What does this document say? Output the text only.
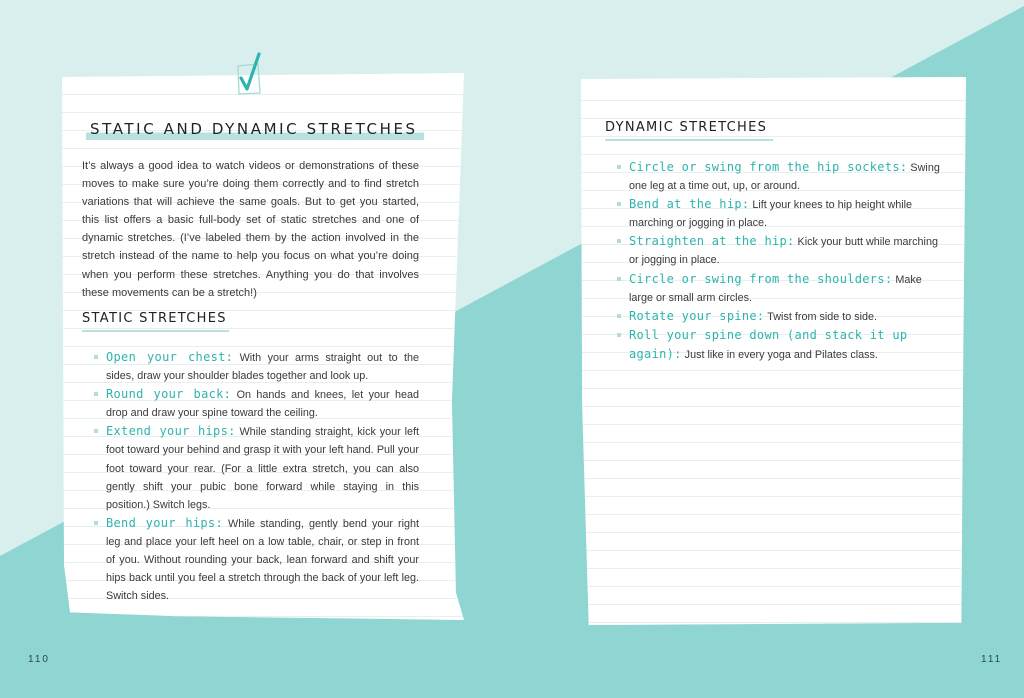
STATIC AND DYNAMIC STRETCHES
It’s always a good idea to watch videos or demonstrations of these moves to make sure you’re doing them correctly and to find stretch variations that will achieve the same goals. But to get you started, this list offers a basic full-body set of static stretches and one of dynamic stretches. (I’ve labeled them by the action involved in the stretch instead of the name to help you focus on what you’re doing when you perform these stretches. Anything you do that involves these movements can be a stretch!)
STATIC STRETCHES
Open your chest: With your arms straight out to the sides, draw your shoulder blades together and look up.
Round your back: On hands and knees, let your head drop and draw your spine toward the ceiling.
Extend your hips: While standing straight, kick your left foot toward your behind and grasp it with your left hand. Pull your foot toward your rear. (For a little extra stretch, you can also gently shift your pubic bone forward while staying in this position.) Switch legs.
Bend your hips: While standing, gently bend your right leg and place your left heel on a low table, chair, or step in front of you. Without rounding your back, lean forward and shift your hips back until you feel a stretch through the back of your left leg. Switch sides.
110
DYNAMIC STRETCHES
Circle or swing from the hip sockets: Swing one leg at a time out, up, or around.
Bend at the hip: Lift your knees to hip height while marching or jogging in place.
Straighten at the hip: Kick your butt while marching or jogging in place.
Circle or swing from the shoulders: Make large or small arm circles.
Rotate your spine: Twist from side to side.
Roll your spine down (and stack it up again): Just like in every yoga and Pilates class.
111
